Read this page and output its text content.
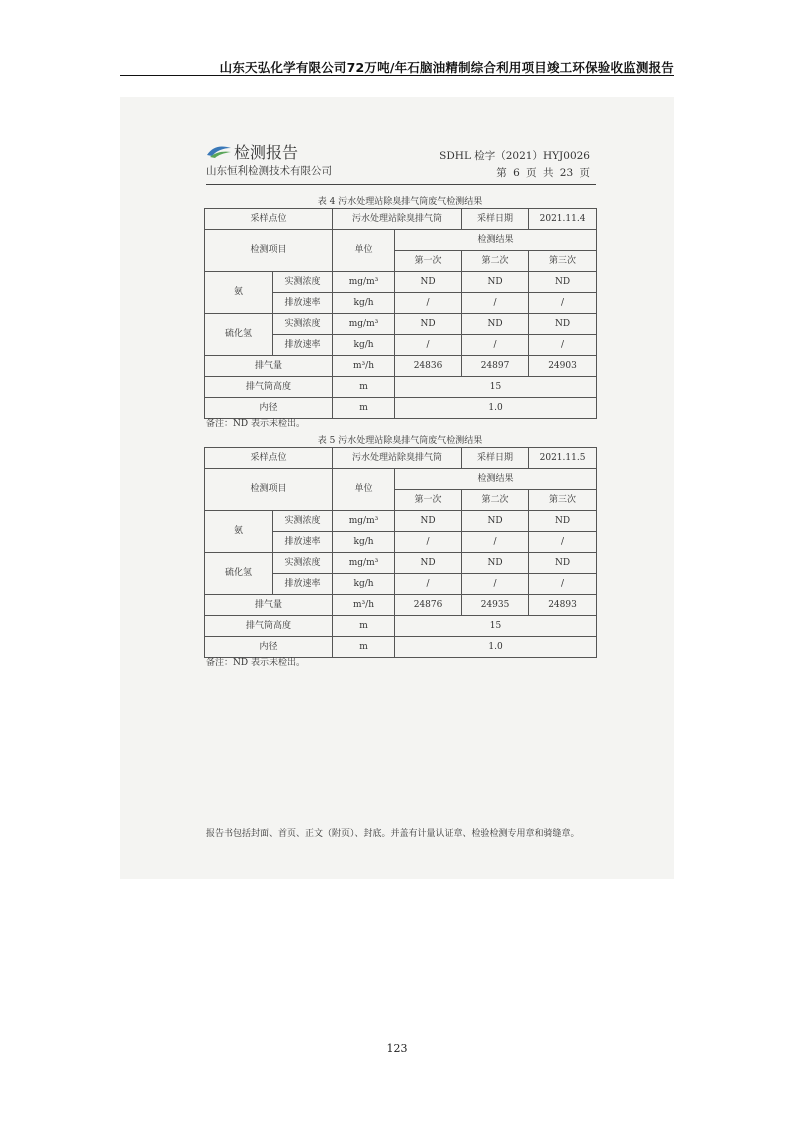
山东天弘化学有限公司72万吨/年石脑油精制综合利用项目竣工环保验收监测报告
检测报告
山东恒利检测技术有限公司
SDHL 检字（2021）HYJ0026
第 6 页 共 23 页
表 4 污水处理站除臭排气筒废气检测结果
采样点位		污水处理站除臭排气筒		采样日期	2021.11.4
检测项目		单位	检测结果		
			第一次	第二次	第三次
氨	实测浓度	mg/m³	ND	ND	ND
	排放速率	kg/h	/	/	/
硫化氢	实测浓度	mg/m³	ND	ND	ND
	排放速率	kg/h	/	/	/
排气量		m³/h	24836	24897	24903
排气筒高度		m	15		
内径		m	1.0		
备注：ND 表示未检出。
表 5 污水处理站除臭排气筒废气检测结果
采样点位		污水处理站除臭排气筒		采样日期	2021.11.5
检测项目		单位	检测结果		
			第一次	第二次	第三次
氨	实测浓度	mg/m³	ND	ND	ND
	排放速率	kg/h	/	/	/
硫化氢	实测浓度	mg/m³	ND	ND	ND
	排放速率	kg/h	/	/	/
排气量		m³/h	24876	24935	24893
排气筒高度		m	15		
内径		m	1.0		
备注：ND 表示未检出。
报告书包括封面、首页、正文（附页）、封底。并盖有计量认证章、检验检测专用章和骑缝章。
123
